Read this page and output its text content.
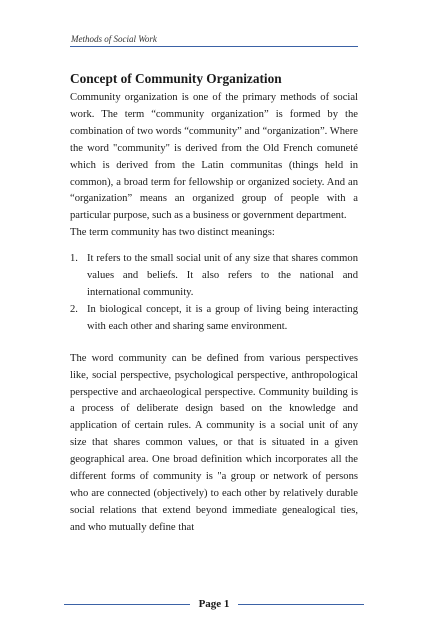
Methods of Social Work
Concept of Community Organization

Community organization is one of the primary methods of social work. The term “community organization” is formed by the combination of two words “community” and “organization”. Where the word "community" is derived from the Old French comuneté which is derived from the Latin communitas (things held in common), a broad term for fellowship or organized society. And an “organization” means an organized group of people with a particular purpose, such as a business or government department.

The term community has two distinct meanings:

1. It refers to the small social unit of any size that shares common values and beliefs. It also refers to the national and international community.
2. In biological concept, it is a group of living being interacting with each other and sharing same environment.

The word community can be defined from various perspectives like, social perspective, psychological perspective, anthropological perspective and archaeological perspective. Community building is a process of deliberate design based on the knowledge and application of certain rules. A community is a social unit of any size that shares common values, or that is situated in a given geographical area. One broad definition which incorporates all the different forms of community is "a group or network of persons who are connected (objectively) to each other by relatively durable social relations that extend beyond immediate genealogical ties, and who mutually define that

Page 1
